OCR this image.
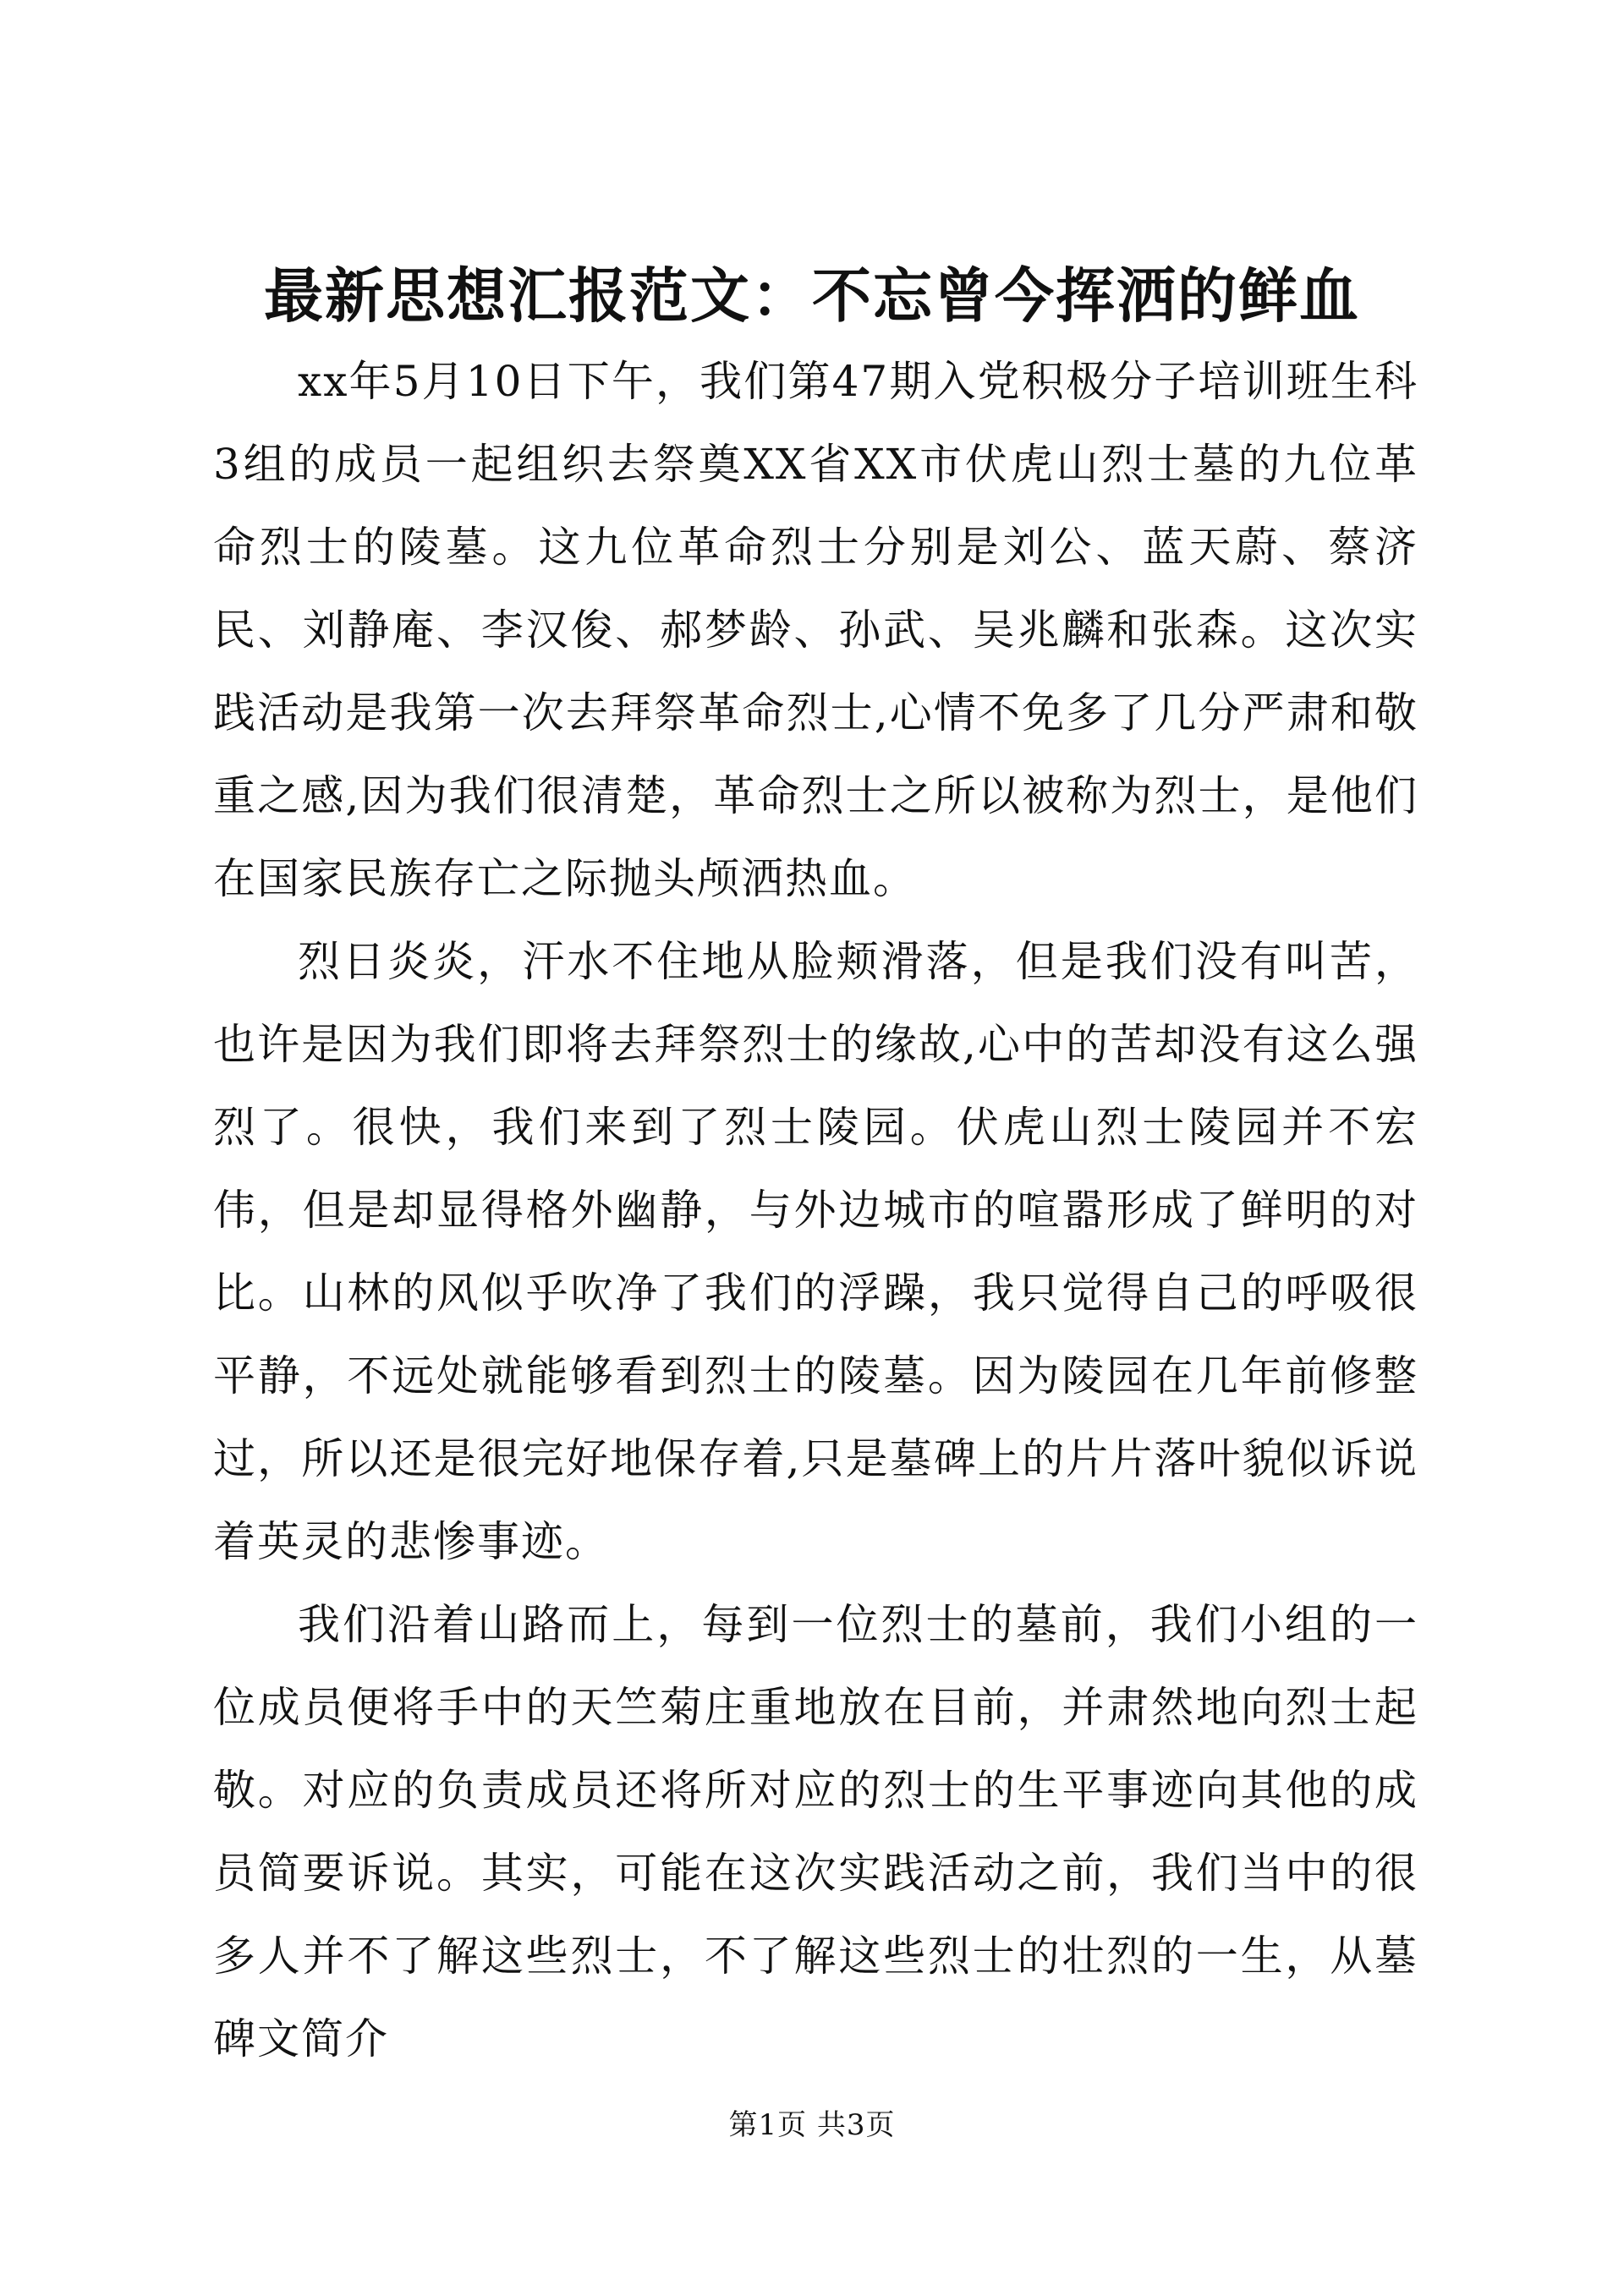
最新思想汇报范文：不忘曾今挥洒的鲜血

xx年5月10日下午，我们第47期入党积极分子培训班生科3组的成员一起组织去祭奠XX省XX市伏虎山烈士墓的九位革命烈士的陵墓。这九位革命烈士分别是刘公、蓝天蔚、蔡济民、刘静庵、李汉俊、郝梦龄、孙武、吴兆麟和张森。这次实践活动是我第一次去拜祭革命烈士,心情不免多了几分严肃和敬重之感,因为我们很清楚，革命烈士之所以被称为烈士，是他们在国家民族存亡之际抛头颅洒热血。

烈日炎炎，汗水不住地从脸颊滑落，但是我们没有叫苦，也许是因为我们即将去拜祭烈士的缘故,心中的苦却没有这么强烈了。很快，我们来到了烈士陵园。伏虎山烈士陵园并不宏伟，但是却显得格外幽静，与外边城市的喧嚣形成了鲜明的对比。山林的风似乎吹净了我们的浮躁，我只觉得自己的呼吸很平静，不远处就能够看到烈士的陵墓。因为陵园在几年前修整过，所以还是很完好地保存着,只是墓碑上的片片落叶貌似诉说着英灵的悲惨事迹。

我们沿着山路而上，每到一位烈士的墓前，我们小组的一位成员便将手中的天竺菊庄重地放在目前，并肃然地向烈士起敬。对应的负责成员还将所对应的烈士的生平事迹向其他的成员简要诉说。其实，可能在这次实践活动之前，我们当中的很多人并不了解这些烈士，不了解这些烈士的壮烈的一生，从墓碑文简介

第1页 共3页
